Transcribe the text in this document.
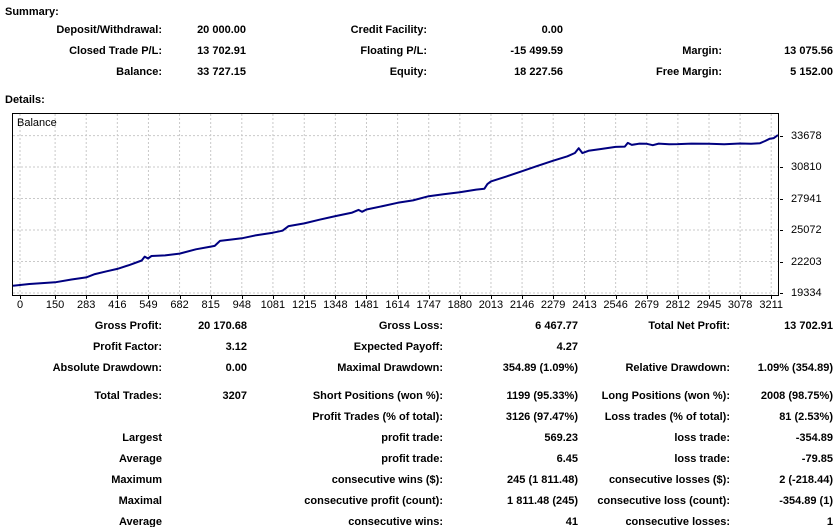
Summary:
Deposit/Withdrawal:	20 000.00	Credit Facility:	0.00
Closed Trade P/L:	13 702.91	Floating P/L:	-15 499.59	Margin:	13 075.56
Balance:	33 727.15	Equity:	18 227.56	Free Margin:	5 152.00
Details:
Balance
0	150	283	416	549	682	815	948 1081 1215 1348 1481 1614 1747 1880 2013 2146 2279 2413 2546 2679 2812 2945 3078 3211
19334
22203
25072
27941
30810
33678
Gross Profit:	20 170.68	Gross Loss:	6 467.77	Total Net Profit:	13 702.91
Profit Factor:	3.12	Expected Payoff:	4.27
Absolute Drawdown:	0.00	Maximal Drawdown:	354.89 (1.09%)	Relative Drawdown:	1.09% (354.89)
Total Trades:	3207	Short Positions (won %):	1199 (95.33%)	Long Positions (won %):	2008 (98.75%)
Profit Trades (% of total):	3126 (97.47%)	Loss trades (% of total):	81 (2.53%)
Largest	profit trade:	569.23	loss trade:	-354.89
Average	profit trade:	6.45	loss trade:	-79.85
Maximum	consecutive wins ($):	245 (1 811.48)	consecutive losses ($):	2 (-218.44)
Maximal	consecutive profit (count):	1 811.48 (245)	consecutive loss (count):	-354.89 (1)
Average	consecutive wins:	41	consecutive losses:	1
